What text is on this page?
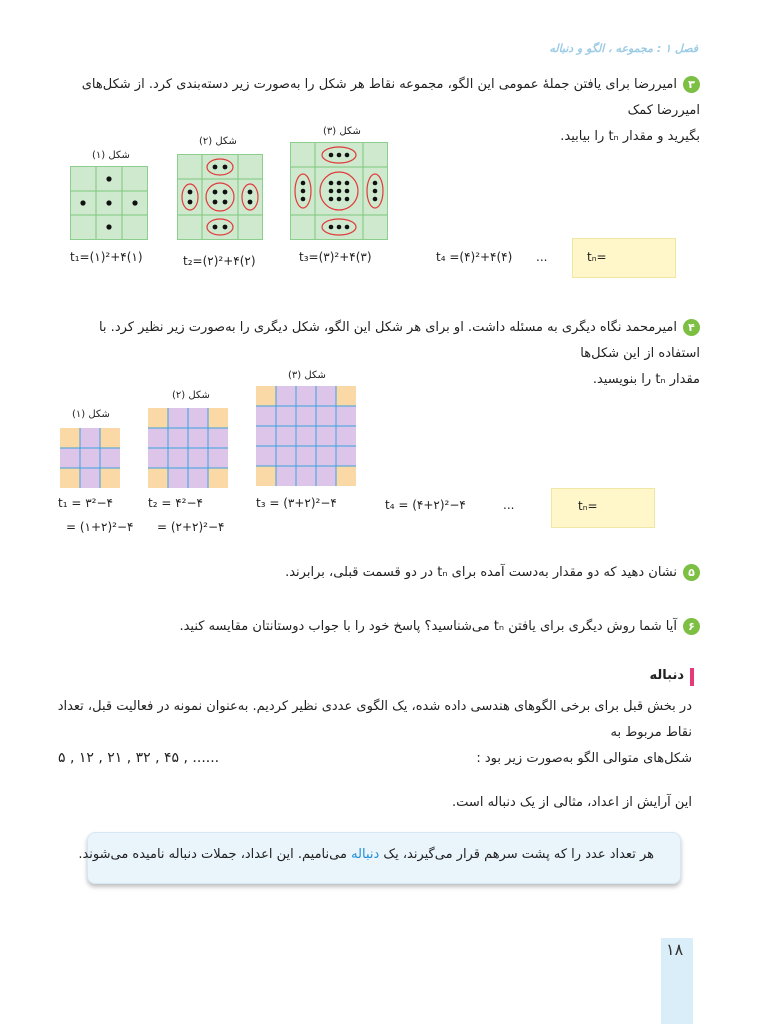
فصل ۱ : مجموعه ، الگو و دنباله
۳امیررضا برای یافتن جملهٔ عمومی این الگو، مجموعه نقاط هر شکل را به‌صورت زیر دسته‌بندی کرد. از شکل‌های امیررضا کمک
بگیرید و مقدار tₙ را بیابید.
شکل (۱)
شکل (۲)
شکل (۳)
t₁=(۱)²+۴(۱)	t₂=(۲)²+۴(۲)	t₃=(۳)²+۴(۳)	t₄ =(۴)²+۴(۴) ...	tₙ=
۴امیرمحمد نگاه دیگری به مسئله داشت. او برای هر شکل این الگو، شکل دیگری را به‌صورت زیر نظیر کرد. با استفاده از این شکل‌ها
مقدار tₙ را بنویسید.
شکل (۱)
شکل (۲)
شکل (۳)
t₁ = ۳²−۴	t₂ = ۴²−۴	t₃ = (۳+۲)²−۴	t₄ = (۴+۲)²−۴	...
= (۱+۲)²−۴ = (۲+۲)²−۴
tₙ=
۵نشان دهید که دو مقدار به‌دست آمده برای tₙ در دو قسمت قبلی، برابرند.
۶آیا شما روش دیگری برای یافتن tₙ می‌شناسید؟ پاسخ خود را با جواب دوستانتان مقایسه کنید.
دنباله
در بخش قبل برای برخی الگوهای هندسی داده شده، یک الگوی عددی نظیر کردیم. به‌عنوان نمونه در فعالیت قبل، تعداد نقاط مربوط به
شکل‌های متوالی الگو به‌صورت زیر بود :
۵ , ۱۲ , ۲۱ , ۳۲ , ۴۵ , ......
این آرایش از اعداد، مثالی از یک دنباله است.
هر تعداد عدد را که پشت سرهم قرار می‌گیرند، یک دنباله می‌نامیم. این اعداد، جملات دنباله نامیده می‌شوند.
۱۸
